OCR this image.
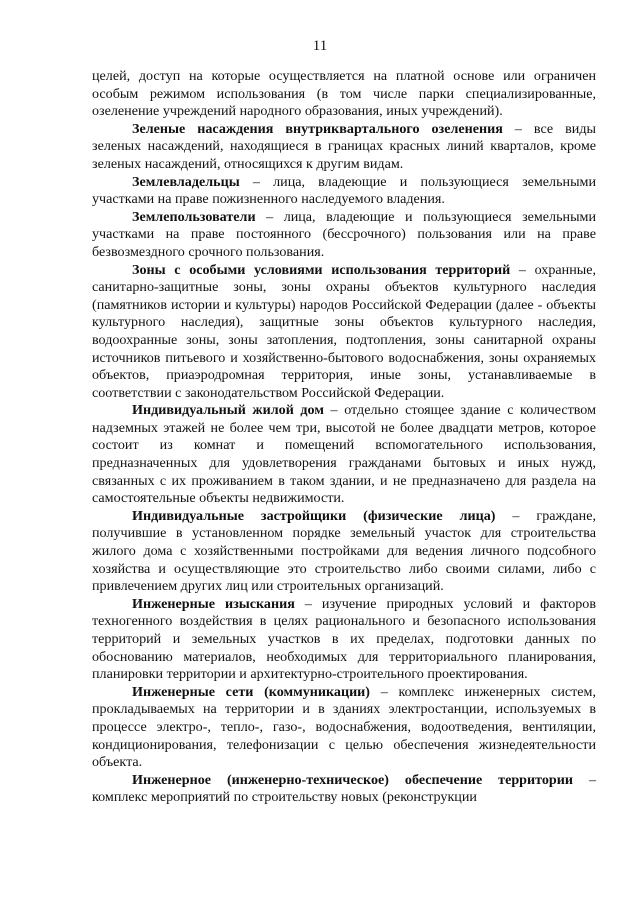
11

целей, доступ на которые осуществляется на платной основе или ограничен особым режимом использования (в том числе парки специализированные, озеленение учреждений народного образования, иных учреждений).

Зеленые насаждения внутриквартального озеленения – все виды зеленых насаждений, находящиеся в границах красных линий кварталов, кроме зеленых насаждений, относящихся к другим видам.

Землевладельцы – лица, владеющие и пользующиеся земельными участками на праве пожизненного наследуемого владения.

Землепользователи – лица, владеющие и пользующиеся земельными участками на праве постоянного (бессрочного) пользования или на праве безвозмездного срочного пользования.

Зоны с особыми условиями использования территорий – охранные, санитарно-защитные зоны, зоны охраны объектов культурного наследия (памятников истории и культуры) народов Российской Федерации (далее - объекты культурного наследия), защитные зоны объектов культурного наследия, водоохранные зоны, зоны затопления, подтопления, зоны санитарной охраны источников питьевого и хозяйственно-бытового водоснабжения, зоны охраняемых объектов, приаэродромная территория, иные зоны, устанавливаемые в соответствии с законодательством Российской Федерации.

Индивидуальный жилой дом – отдельно стоящее здание с количеством надземных этажей не более чем три, высотой не более двадцати метров, которое состоит из комнат и помещений вспомогательного использования, предназначенных для удовлетворения гражданами бытовых и иных нужд, связанных с их проживанием в таком здании, и не предназначено для раздела на самостоятельные объекты недвижимости.

Индивидуальные застройщики (физические лица) – граждане, получившие в установленном порядке земельный участок для строительства жилого дома с хозяйственными постройками для ведения личного подсобного хозяйства и осуществляющие это строительство либо своими силами, либо с привлечением других лиц или строительных организаций.

Инженерные изыскания – изучение природных условий и факторов техногенного воздействия в целях рационального и безопасного использования территорий и земельных участков в их пределах, подготовки данных по обоснованию материалов, необходимых для территориального планирования, планировки территории и архитектурно-строительного проектирования.

Инженерные сети (коммуникации) – комплекс инженерных систем, прокладываемых на территории и в зданиях электростанции, используемых в процессе электро-, тепло-, газо-, водоснабжения, водоотведения, вентиляции, кондиционирования, телефонизации с целью обеспечения жизнедеятельности объекта.

Инженерное (инженерно-техническое) обеспечение территории – комплекс мероприятий по строительству новых (реконструкции
